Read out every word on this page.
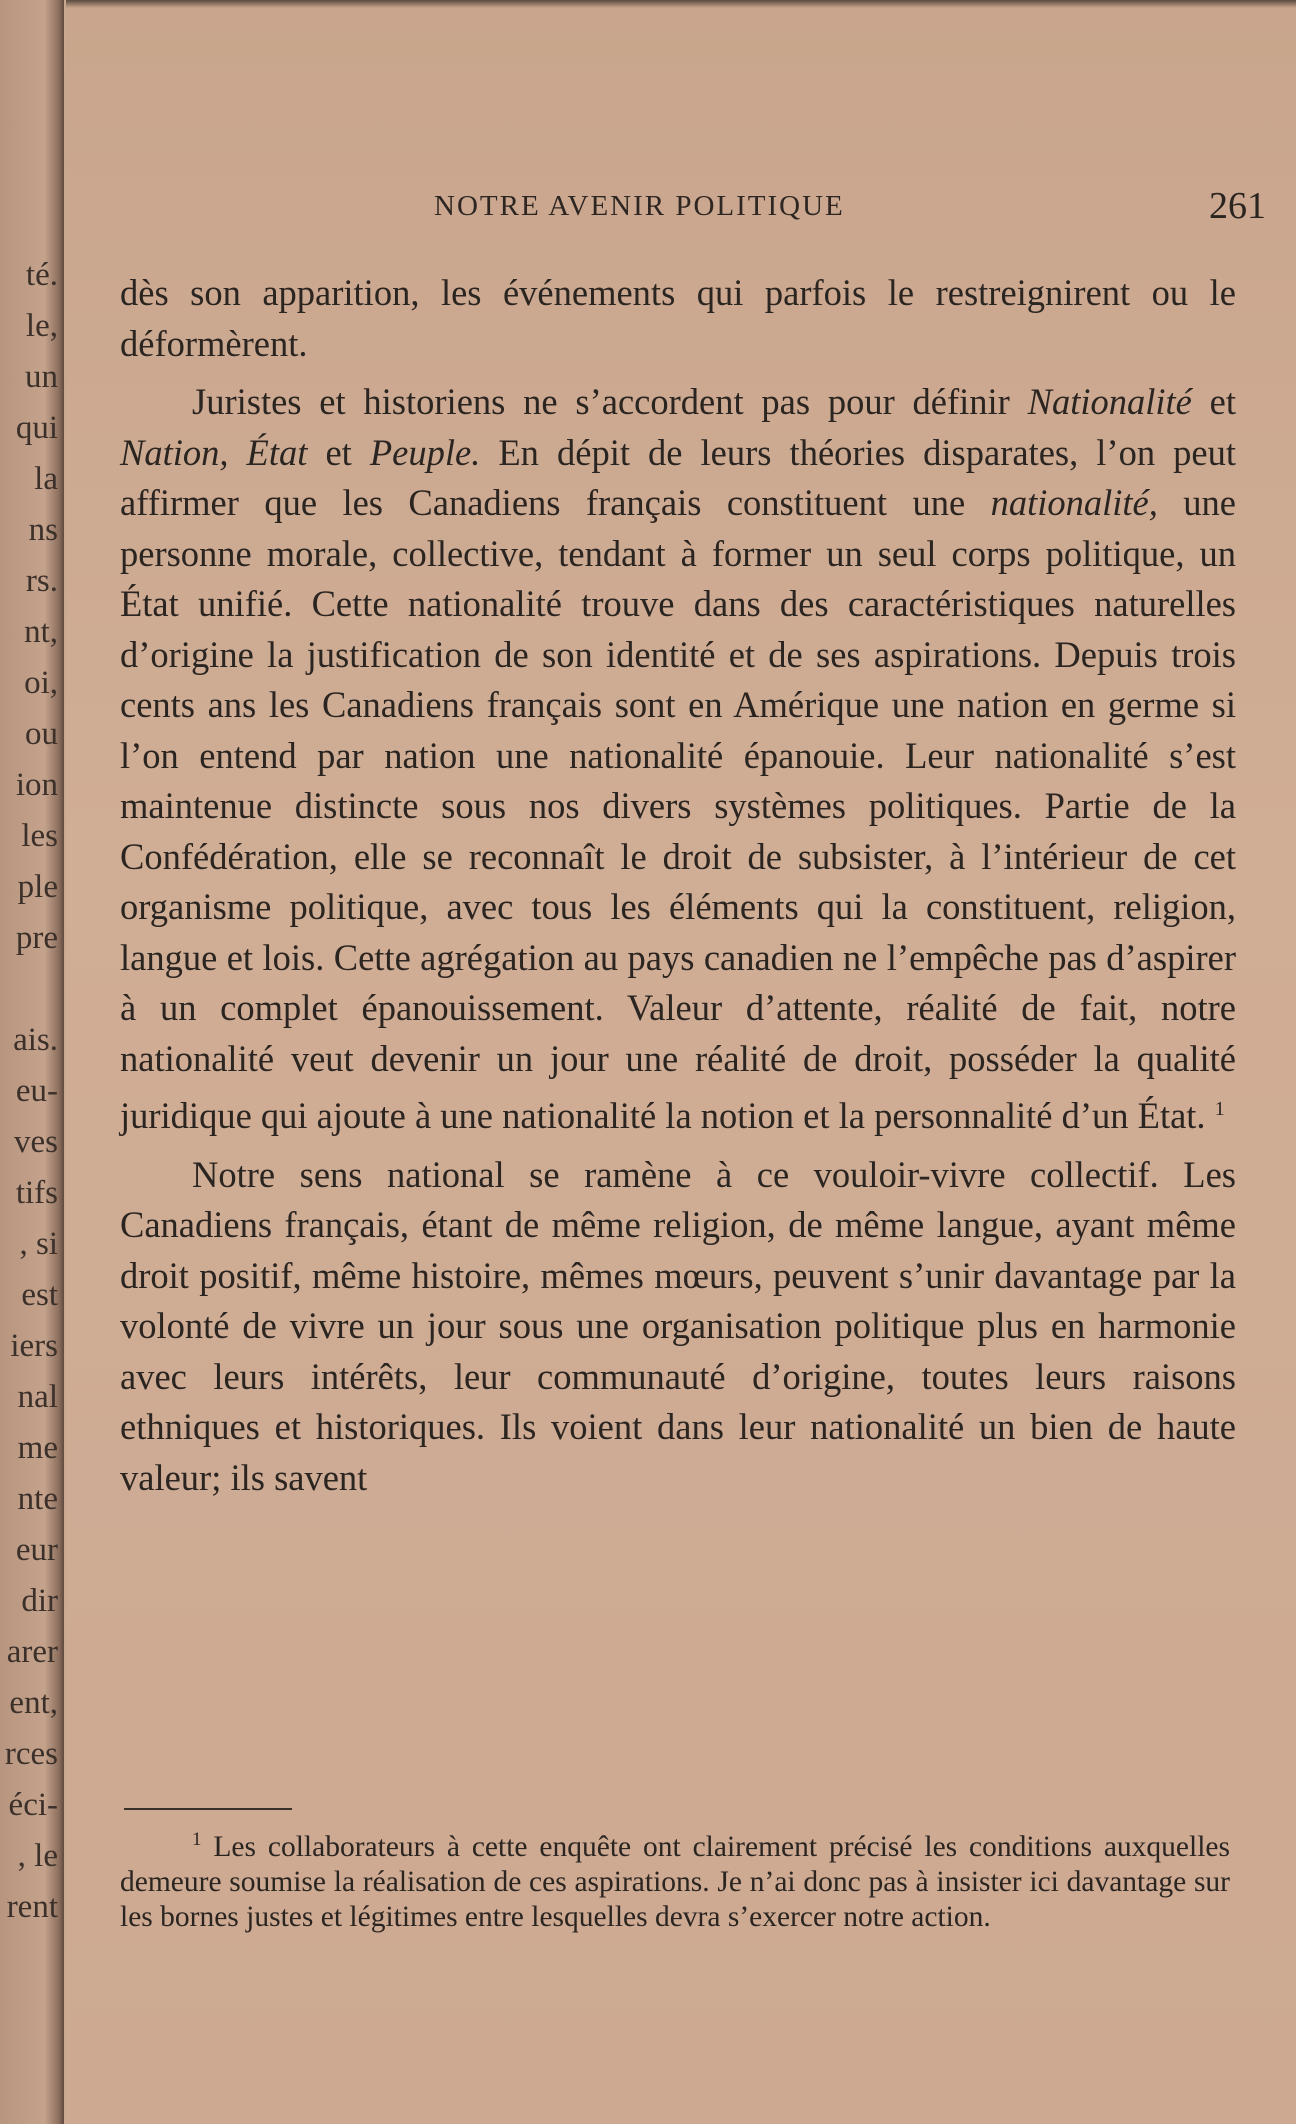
té.
le,
un
qui
la
ns
rs.
nt,
oi,
ou
ion
les
ple
pre
ais.
eu-
ves
tifs
, si
est
iers
nal
me
nte
eur
dir
arer
ent,
rces
éci-
, le
rent
NOTRE AVENIR POLITIQUE	261

dès son apparition, les événements qui parfois le restreignirent ou le déformèrent.

Juristes et historiens ne s’accordent pas pour définir Nationalité et Nation, État et Peuple. En dépit de leurs théories disparates, l’on peut affirmer que les Canadiens français constituent une nationalité, une personne morale, collective, tendant à former un seul corps politique, un État unifié. Cette nationalité trouve dans des caractéristiques naturelles d’origine la justification de son identité et de ses aspirations. Depuis trois cents ans les Canadiens français sont en Amérique une nation en germe si l’on entend par nation une nationalité épanouie. Leur nationalité s’est maintenue distincte sous nos divers systèmes politiques. Partie de la Confédération, elle se reconnaît le droit de subsister, à l’intérieur de cet organisme politique, avec tous les éléments qui la constituent, religion, langue et lois. Cette agrégation au pays canadien ne l’empêche pas d’aspirer à un complet épanouissement. Valeur d’attente, réalité de fait, notre nationalité veut devenir un jour une réalité de droit, posséder la qualité juridique qui ajoute à une nationalité la notion et la personnalité d’un État. $^1$

Notre sens national se ramène à ce vouloir-vivre collectif. Les Canadiens français, étant de même religion, de même langue, ayant même droit positif, même histoire, mêmes mœurs, peuvent s’unir davantage par la volonté de vivre un jour sous une organisation politique plus en harmonie avec leurs intérêts, leur communauté d’origine, toutes leurs raisons ethniques et historiques. Ils voient dans leur nationalité un bien de haute valeur; ils savent

$^1$ Les collaborateurs à cette enquête ont clairement précisé les conditions auxquelles demeure soumise la réalisation de ces aspirations. Je n’ai donc pas à insister ici davantage sur les bornes justes et légitimes entre lesquelles devra s’exercer notre action.
